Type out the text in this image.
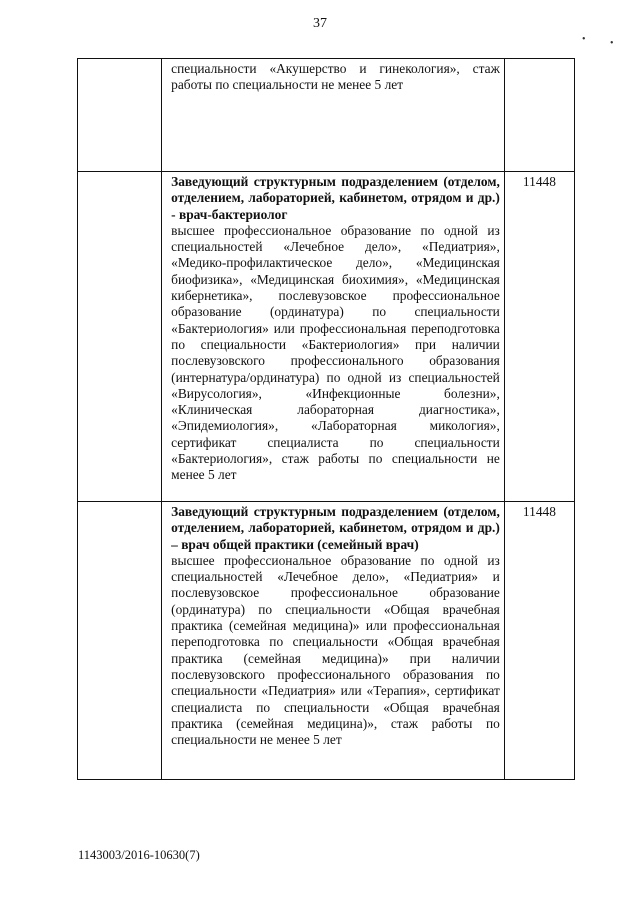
37
• •

	специальности «Акушерство и гинекология», стаж работы по специальности не менее 5 лет	

	Заведующий структурным подразделением (отделом, отделением, лабораторией, кабинетом, отрядом и др.) - врач-бактериолог
высшее профессиональное образование по одной из специальностей «Лечебное дело», «Педиатрия», «Медико-профилактическое дело», «Медицинская биофизика», «Медицинская биохимия», «Медицинская кибернетика», послевузовское профессиональное образование (ординатура) по специальности «Бактериология» или профессиональная переподготовка по специальности «Бактериология» при наличии послевузовского профессионального образования (интернатура/ординатура) по одной из специальностей «Вирусология», «Инфекционные болезни», «Клиническая лабораторная диагностика», «Эпидемиология», «Лабораторная микология», сертификат специалиста по специальности «Бактериология», стаж работы по специальности не менее 5 лет	11448

	Заведующий структурным подразделением (отделом, отделением, лабораторией, кабинетом, отрядом и др.) – врач общей практики (семейный врач)
высшее профессиональное образование по одной из специальностей «Лечебное дело», «Педиатрия» и послевузовское профессиональное образование (ординатура) по специальности «Общая врачебная практика (семейная медицина)» или профессиональная переподготовка по специальности «Общая врачебная практика (семейная медицина)» при наличии послевузовского профессионального образования по специальности «Педиатрия» или «Терапия», сертификат специалиста по специальности «Общая врачебная практика (семейная медицина)», стаж работы по специальности не менее 5 лет	11448
1143003/2016-10630(7)
